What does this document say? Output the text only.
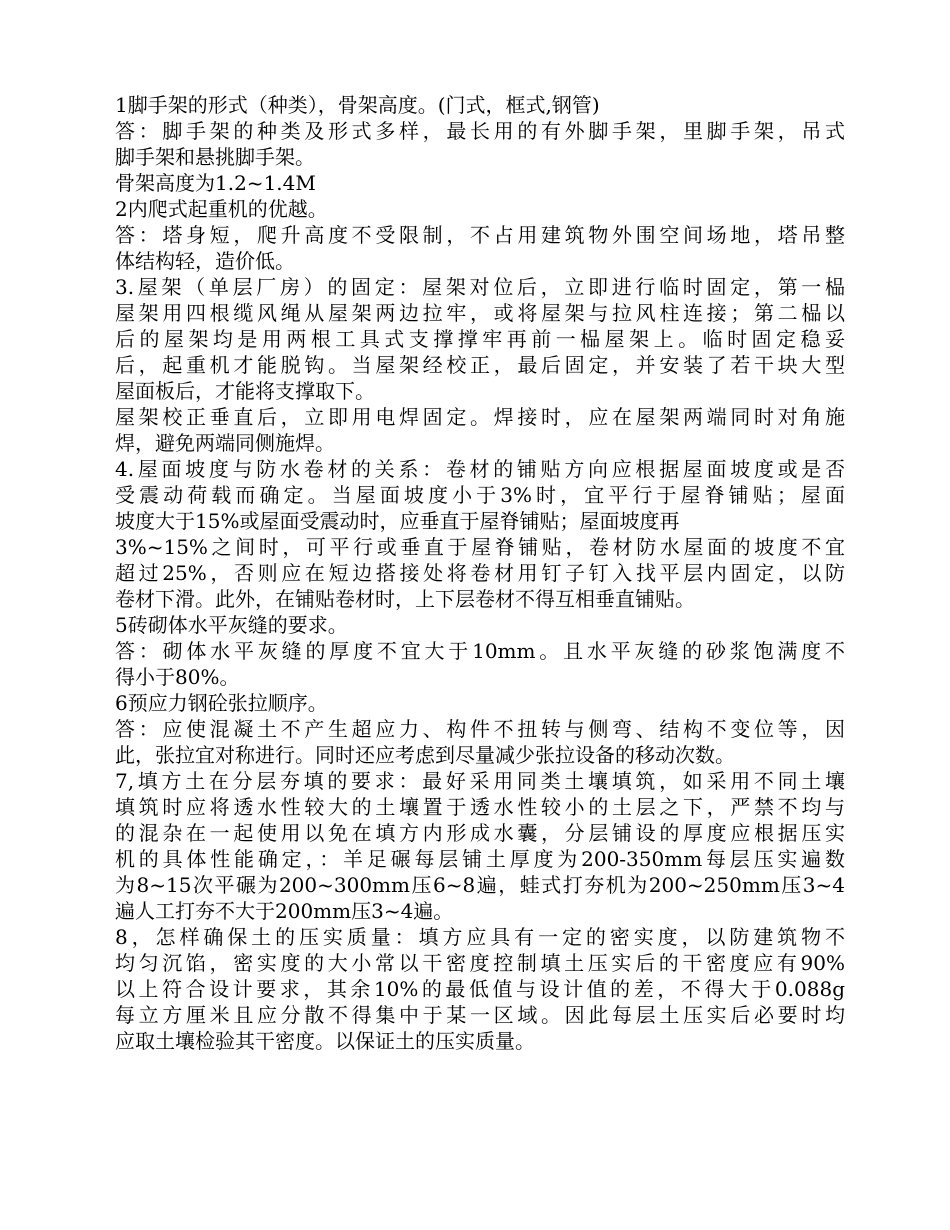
1脚手架的形式（种类），骨架高度。(门式，框式,钢管)

答：脚手架的种类及形式多样，最长用的有外脚手架，里脚手架，吊式

脚手架和悬挑脚手架。

骨架高度为1.2~1.4M

2内爬式起重机的优越。

答：塔身短，爬升高度不受限制，不占用建筑物外围空间场地，塔吊整

体结构轻，造价低。

3.屋架（单层厂房）的固定：屋架对位后，立即进行临时固定，第一榀

屋架用四根缆风绳从屋架两边拉牢，或将屋架与拉风柱连接；第二榀以

后的屋架均是用两根工具式支撑撑牢再前一榀屋架上。临时固定稳妥

后，起重机才能脱钩。当屋架经校正，最后固定，并安装了若干块大型

屋面板后，才能将支撑取下。

屋架校正垂直后，立即用电焊固定。焊接时，应在屋架两端同时对角施

焊，避免两端同侧施焊。

4.屋面坡度与防水卷材的关系：卷材的铺贴方向应根据屋面坡度或是否

受震动荷载而确定。当屋面坡度小于3%时，宜平行于屋脊铺贴；屋面

坡度大于15%或屋面受震动时，应垂直于屋脊铺贴；屋面坡度再

3%~15%之间时，可平行或垂直于屋脊铺贴，卷材防水屋面的坡度不宜

超过25%，否则应在短边搭接处将卷材用钉子钉入找平层内固定，以防

卷材下滑。此外，在铺贴卷材时，上下层卷材不得互相垂直铺贴。

5砖砌体水平灰缝的要求。

答：砌体水平灰缝的厚度不宜大于10mm。且水平灰缝的砂浆饱满度不

得小于80%。

6预应力钢砼张拉顺序。

答：应使混凝土不产生超应力、构件不扭转与侧弯、结构不变位等，因

此，张拉宜对称进行。同时还应考虑到尽量减少张拉设备的移动次数。

7,填方土在分层夯填的要求：最好采用同类土壤填筑，如采用不同土壤

填筑时应将透水性较大的土壤置于透水性较小的土层之下，严禁不均与

的混杂在一起使用以免在填方内形成水囊，分层铺设的厚度应根据压实

机的具体性能确定，：羊足碾每层铺土厚度为200-350mm每层压实遍数

为8~15次平碾为200~300mm压6~8遍，蛙式打夯机为200~250mm压3~4

遍人工打夯不大于200mm压3~4遍。

8，怎样确保土的压实质量：填方应具有一定的密实度，以防建筑物不

均匀沉馅，密实度的大小常以干密度控制填土压实后的干密度应有90%

以上符合设计要求，其余10%的最低值与设计值的差，不得大于0.088g

每立方厘米且应分散不得集中于某一区域。因此每层土压实后必要时均

应取土壤检验其干密度。以保证土的压实质量。
